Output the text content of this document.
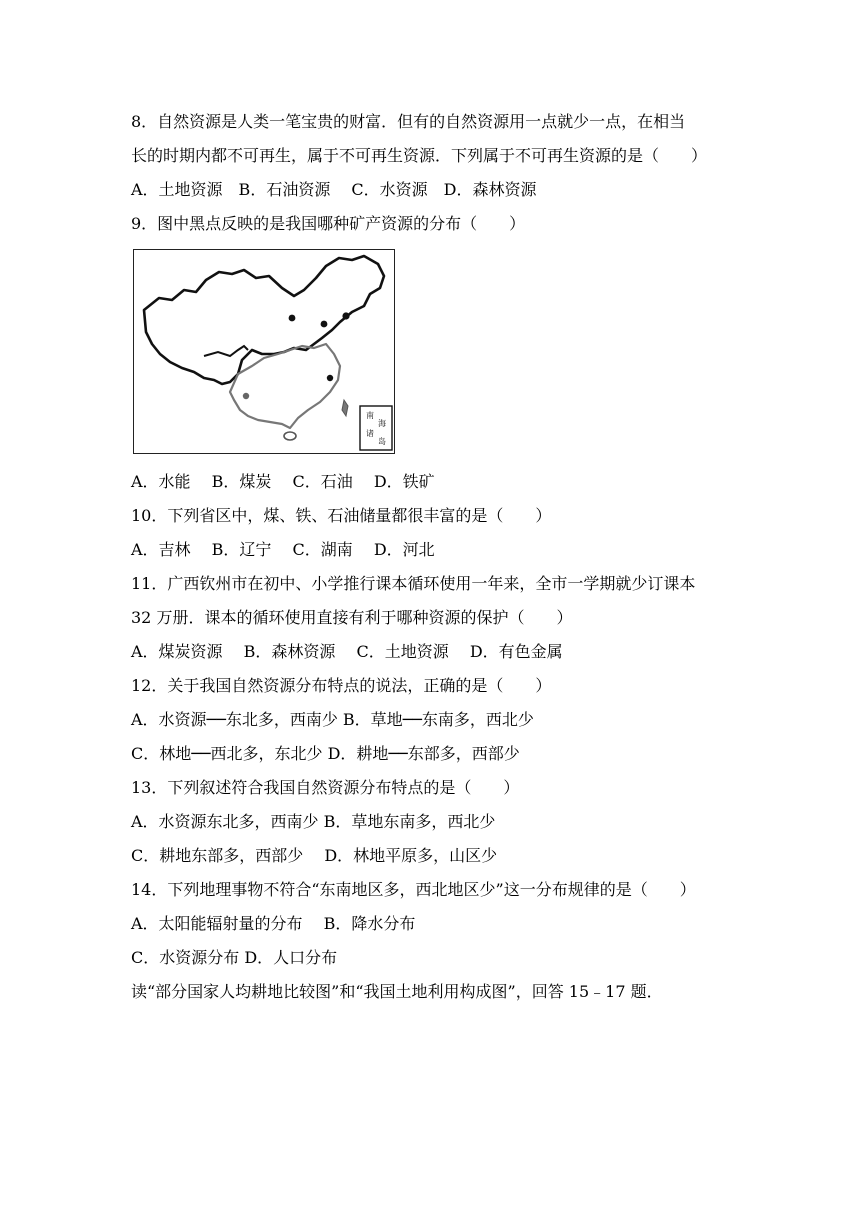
8．自然资源是人类一笔宝贵的财富．但有的自然资源用一点就少一点，在相当
长的时期内都不可再生，属于不可再生资源．下列属于不可再生资源的是（　　）
A．土地资源　B．石油资源　 C．水资源　D．森林资源
9．图中黑点反映的是我国哪种矿产资源的分布（　　）
南
海
诸
岛
A．水能　 B．煤炭　 C．石油　 D．铁矿
10．下列省区中，煤、铁、石油储量都很丰富的是（　　）
A．吉林　 B．辽宁　 C．湖南　 D．河北
11．广西钦州市在初中、小学推行课本循环使用一年来，全市一学期就少订课本
32 万册．课本的循环使用直接有利于哪种资源的保护（　　）
A．煤炭资源　 B．森林资源　 C．土地资源　 D．有色金属
12．关于我国自然资源分布特点的说法，正确的是（　　）
A．水资源──东北多，西南少 B．草地──东南多，西北少
C．林地──西北多，东北少 D．耕地──东部多，西部少
13．下列叙述符合我国自然资源分布特点的是（　　）
A．水资源东北多，西南少 B．草地东南多，西北少
C．耕地东部多，西部少　 D．林地平原多，山区少
14．下列地理事物不符合“东南地区多，西北地区少”这一分布规律的是（　　）
A．太阳能辐射量的分布　 B．降水分布
C．水资源分布 D．人口分布
读“部分国家人均耕地比较图”和“我国土地利用构成图”，回答 15﹣17 题．
